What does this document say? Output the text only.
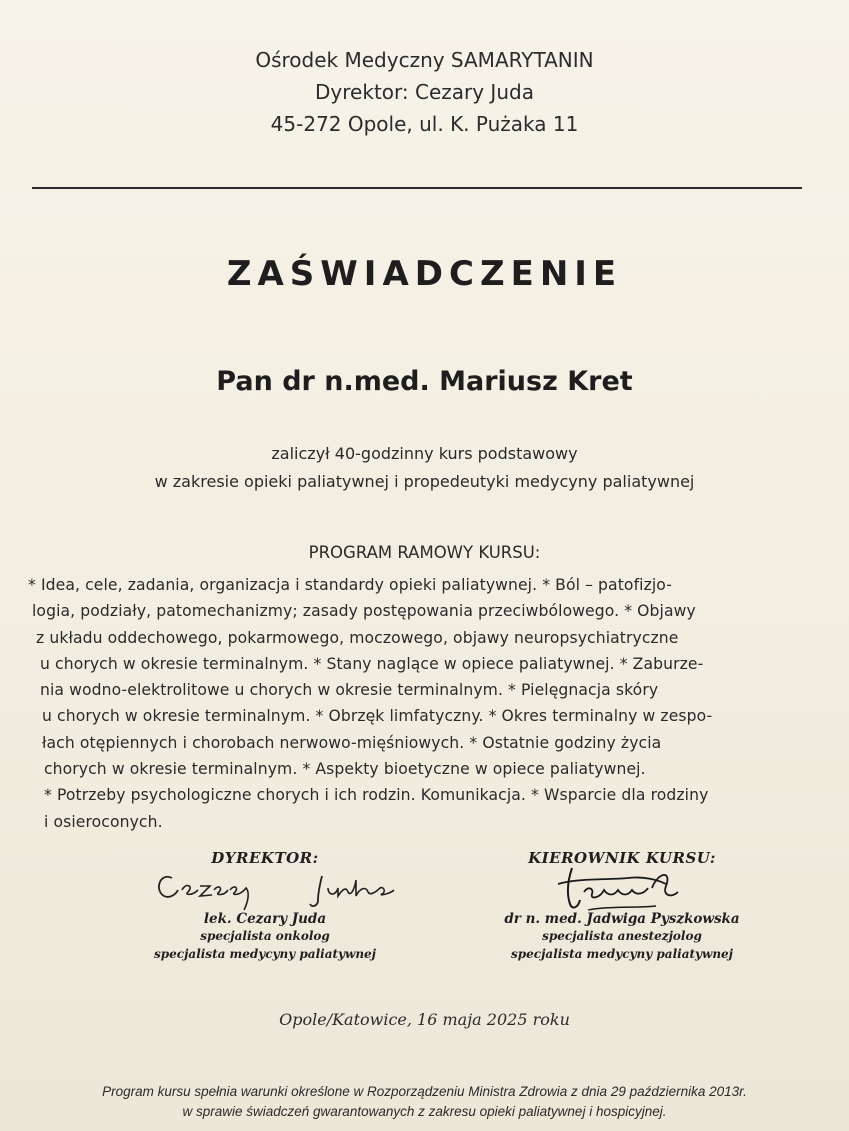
Ośrodek Medyczny SAMARYTANIN
Dyrektor: Cezary Juda
45-272 Opole, ul. K. Pużaka 11
ZAŚWIADCZENIE
Pan dr n.med. Mariusz Kret
zaliczył 40-godzinny kurs podstawowy
w zakresie opieki paliatywnej i propedeutyki medycyny paliatywnej
PROGRAM RAMOWY KURSU:
* Idea, cele, zadania, organizacja i standardy opieki paliatywnej. * Ból – patofizjo-
logia, podziały, patomechanizmy; zasady postępowania przeciwbólowego. * Objawy
z układu oddechowego, pokarmowego, moczowego, objawy neuropsychiatryczne
u chorych w okresie terminalnym. * Stany naglące w opiece paliatywnej. * Zaburze-
nia wodno-elektrolitowe u chorych w okresie terminalnym. * Pielęgnacja skóry
u chorych w okresie terminalnym. * Obrzęk limfatyczny. * Okres terminalny w zespo-
łach otępiennych i chorobach nerwowo-mięśniowych. * Ostatnie godziny życia
chorych w okresie terminalnym. * Aspekty bioetyczne w opiece paliatywnej.
* Potrzeby psychologiczne chorych i ich rodzin. Komunikacja. * Wsparcie dla rodziny
i osieroconych.
DYREKTOR:
lek. Cezary Juda
specjalista onkolog
specjalista medycyny paliatywnej
KIEROWNIK KURSU:
dr n. med. Jadwiga Pyszkowska
specjalista anestezjolog
specjalista medycyny paliatywnej
Opole/Katowice, 16 maja 2025 roku
Program kursu spełnia warunki określone w Rozporządzeniu Ministra Zdrowia z dnia 29 października 2013r.
w sprawie świadczeń gwarantowanych z zakresu opieki paliatywnej i hospicyjnej.
